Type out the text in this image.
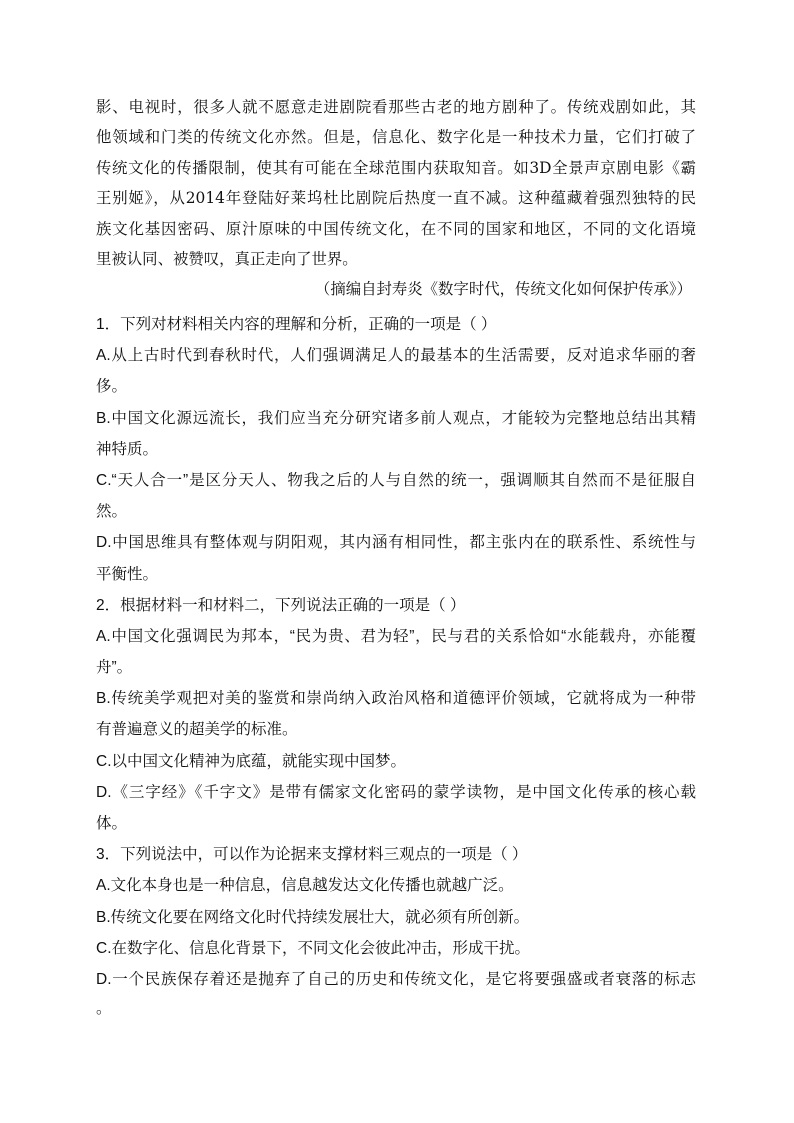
影、电视时，很多人就不愿意走进剧院看那些古老的地方剧种了。传统戏剧如此，其
他领域和门类的传统文化亦然。但是，信息化、数字化是一种技术力量，它们打破了
传统文化的传播限制，使其有可能在全球范围内获取知音。如3D全景声京剧电影《霸
王别姬》，从2014年登陆好莱坞杜比剧院后热度一直不减。这种蕴藏着强烈独特的民
族文化基因密码、原汁原味的中国传统文化，在不同的国家和地区，不同的文化语境
里被认同、被赞叹，真正走向了世界。
（摘编自封寿炎《数字时代，传统文化如何保护传承》）
1．下列对材料相关内容的理解和分析，正确的一项是（ ）
A.从上古时代到春秋时代，人们强调满足人的最基本的生活需要，反对追求华丽的奢
侈。
B.中国文化源远流长，我们应当充分研究诸多前人观点，才能较为完整地总结出其精
神特质。
C.“天人合一”是区分天人、物我之后的人与自然的统一，强调顺其自然而不是征服自
然。
D.中国思维具有整体观与阴阳观，其内涵有相同性，都主张内在的联系性、系统性与
平衡性。
2．根据材料一和材料二，下列说法正确的一项是（ ）
A.中国文化强调民为邦本，“民为贵、君为轻”，民与君的关系恰如“水能载舟，亦能覆
舟”。
B.传统美学观把对美的鉴赏和崇尚纳入政治风格和道德评价领域，它就将成为一种带
有普遍意义的超美学的标准。
C.以中国文化精神为底蕴，就能实现中国梦。
D.《三字经》《千字文》是带有儒家文化密码的蒙学读物，是中国文化传承的核心载
体。
3．下列说法中，可以作为论据来支撑材料三观点的一项是（ ）
A.文化本身也是一种信息，信息越发达文化传播也就越广泛。
B.传统文化要在网络文化时代持续发展壮大，就必须有所创新。
C.在数字化、信息化背景下，不同文化会彼此冲击，形成干扰。
D.一个民族保存着还是抛弃了自己的历史和传统文化，是它将要强盛或者衰落的标志
。
